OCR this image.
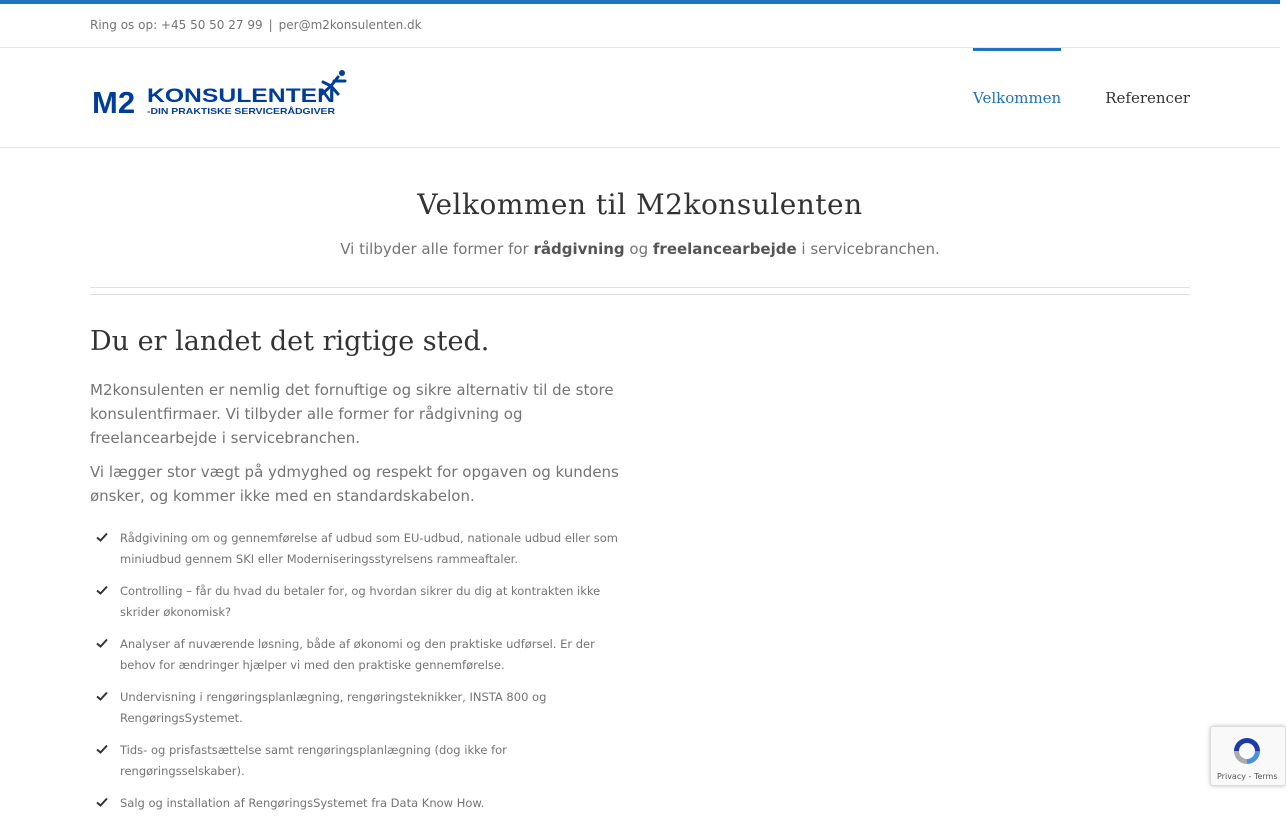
Ring os op: +45 50 50 27 99 | per@m2konsulenten.dk
M2 KONSULENTEN
-DIN PRAKTISKE SERVICERÅDGIVER
Velkommen	Referencer
Velkommen til M2konsulenten

Vi tilbyder alle former for rådgivning og freelancearbejde i servicebranchen.

Du er landet det rigtige sted.

M2konsulenten er nemlig det fornuftige og sikre alternativ til de store konsulentfirmaer. Vi tilbyder alle former for rådgivning og freelancearbejde i servicebranchen.

Vi lægger stor vægt på ydmyghed og respekt for opgaven og kundens ønsker, og kommer ikke med en standardskabelon.

Rådgivining om og gennemførelse af udbud som EU-udbud, nationale udbud eller som miniudbud gennem SKI eller Moderniseringsstyrelsens rammeaftaler.
Controlling – får du hvad du betaler for, og hvordan sikrer du dig at kontrakten ikke skrider økonomisk?
Analyser af nuværende løsning, både af økonomi og den praktiske udførsel. Er der behov for ændringer hjælper vi med den praktiske gennemførelse.
Undervisning i rengøringsplanlægning, rengøringsteknikker, INSTA 800 og RengøringsSystemet.
Tids- og prisfastsættelse samt rengøringsplanlægning (dog ikke for rengøringsselskaber).
Salg og installation af RengøringsSystemet fra Data Know How.
Privacy - Terms
